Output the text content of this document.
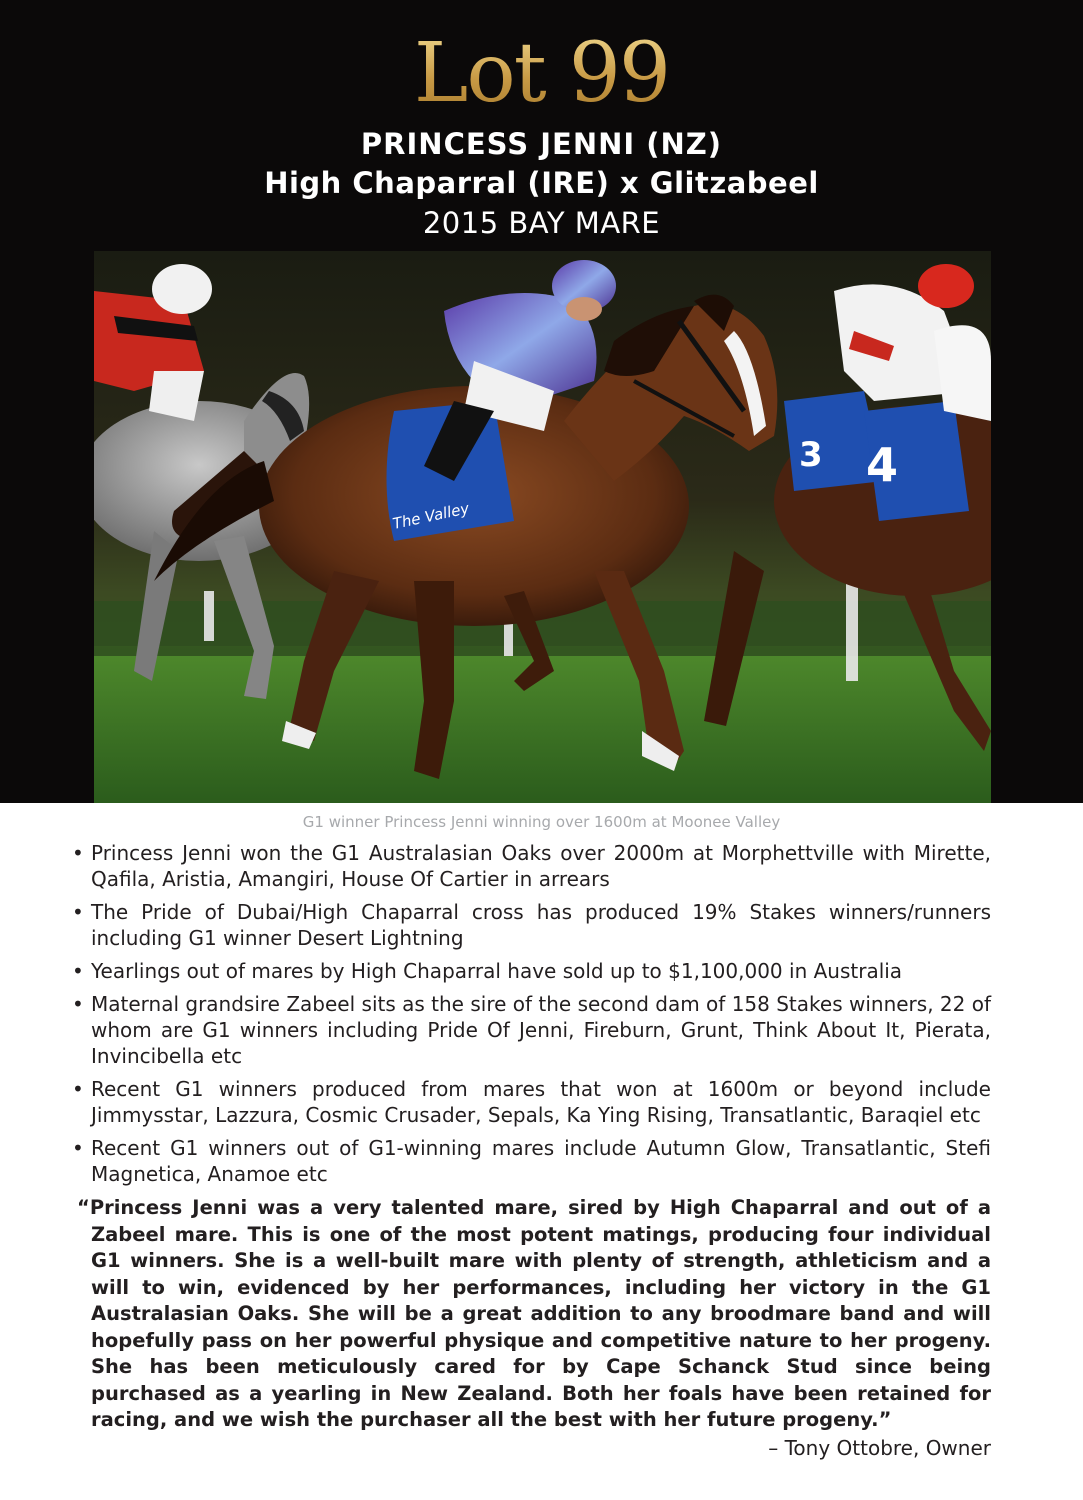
Lot 99
PRINCESS JENNI (NZ)
High Chaparral (IRE) x Glitzabeel
2015 BAY MARE
3 4
The Valley
G1 winner Princess Jenni winning over 1600m at Moonee Valley
• Princess Jenni won the G1 Australasian Oaks over 2000m at Morphettville with Mirette, Qafila, Aristia, Amangiri, House Of Cartier in arrears
• The Pride of Dubai/High Chaparral cross has produced 19% Stakes winners/runners including G1 winner Desert Lightning
• Yearlings out of mares by High Chaparral have sold up to $1,100,000 in Australia
• Maternal grandsire Zabeel sits as the sire of the second dam of 158 Stakes winners, 22 of whom are G1 winners including Pride Of Jenni, Fireburn, Grunt, Think About It, Pierata, Invincibella etc
• Recent G1 winners produced from mares that won at 1600m or beyond include Jimmysstar, Lazzura, Cosmic Crusader, Sepals, Ka Ying Rising, Transatlantic, Baraqiel etc
• Recent G1 winners out of G1-winning mares include Autumn Glow, Transatlantic, Stefi Magnetica, Anamoe etc

“Princess Jenni was a very talented mare, sired by High Chaparral and out of a Zabeel mare. This is one of the most potent matings, producing four individual G1 winners. She is a well-built mare with plenty of strength, athleticism and a will to win, evidenced by her performances, including her victory in the G1 Australasian Oaks. She will be a great addition to any broodmare band and will hopefully pass on her powerful physique and competitive nature to her progeny. She has been meticulously cared for by Cape Schanck Stud since being purchased as a yearling in New Zealand. Both her foals have been retained for racing, and we wish the purchaser all the best with her future progeny.”

– Tony Ottobre, Owner
